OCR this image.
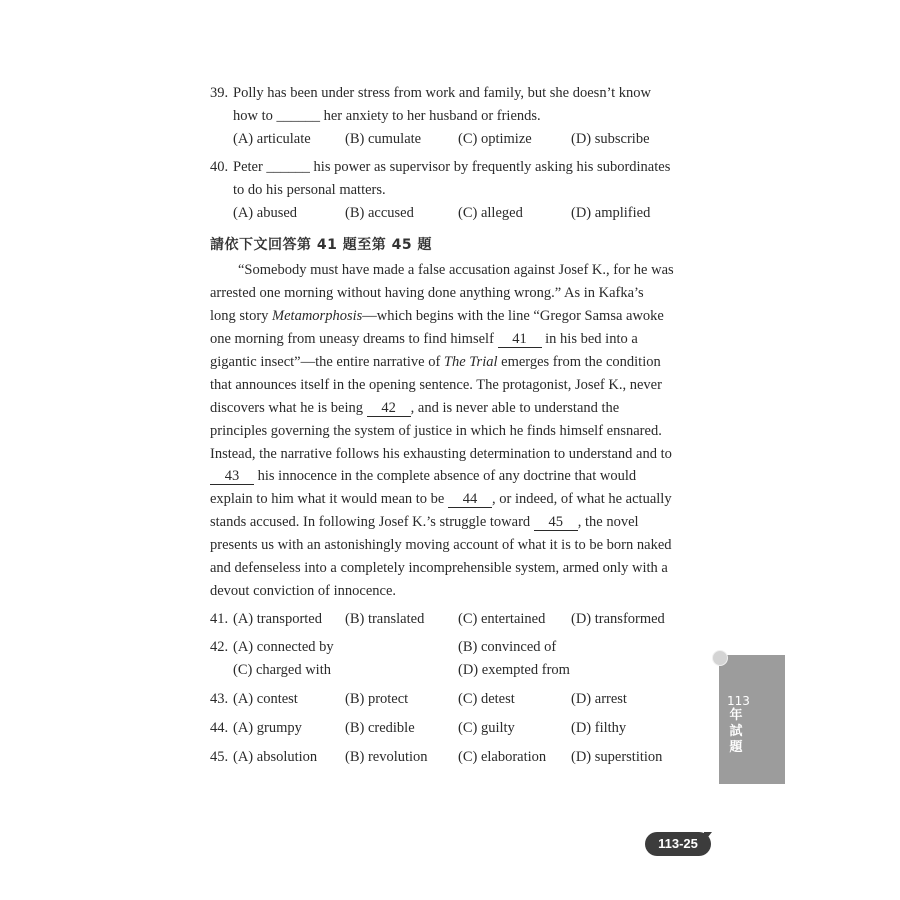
39. Polly has been under stress from work and family, but she doesn’t know
how to ______ her anxiety to her husband or friends.
(A) articulate (B) cumulate	(C) optimize	(D) subscribe
40. Peter ______ his power as supervisor by frequently asking his subordinates
to do his personal matters.
(A) abused	(B) accused	(C) alleged	(D) amplified
請依下文回答第 41 題至第 45 題
“Somebody must have made a false accusation against Josef K., for he was
arrested one morning without having done anything wrong.” As in Kafka’s
long story Metamorphosis—which begins with the line “Gregor Samsa awoke
one morning from uneasy dreams to find himself 41 in his bed into a
gigantic insect”—the entire narrative of The Trial emerges from the condition
that announces itself in the opening sentence. The protagonist, Josef K., never
discovers what he is being 42 , and is never able to understand the
principles governing the system of justice in which he finds himself ensnared.
Instead, the narrative follows his exhausting determination to understand and to
43 his innocence in the complete absence of any doctrine that would
explain to him what it would mean to be 44 , or indeed, of what he actually
stands accused. In following Josef K.’s struggle toward 45 , the novel
presents us with an astonishingly moving account of what it is to be born naked
and defenseless into a completely incomprehensible system, armed only with a
devout conviction of innocence.
41. (A) transported (B) translated (C) entertained (D) transformed
42. (A) connected by	(B) convinced of
(C) charged with	(D) exempted from
43. (A) contest	(B) protect	(C) detest	(D) arrest
44. (A) grumpy	(B) credible	(C) guilty	(D) filthy
45. (A) absolution (B) revolution (C) elaboration (D) superstition
113
年
試
題
113-25
